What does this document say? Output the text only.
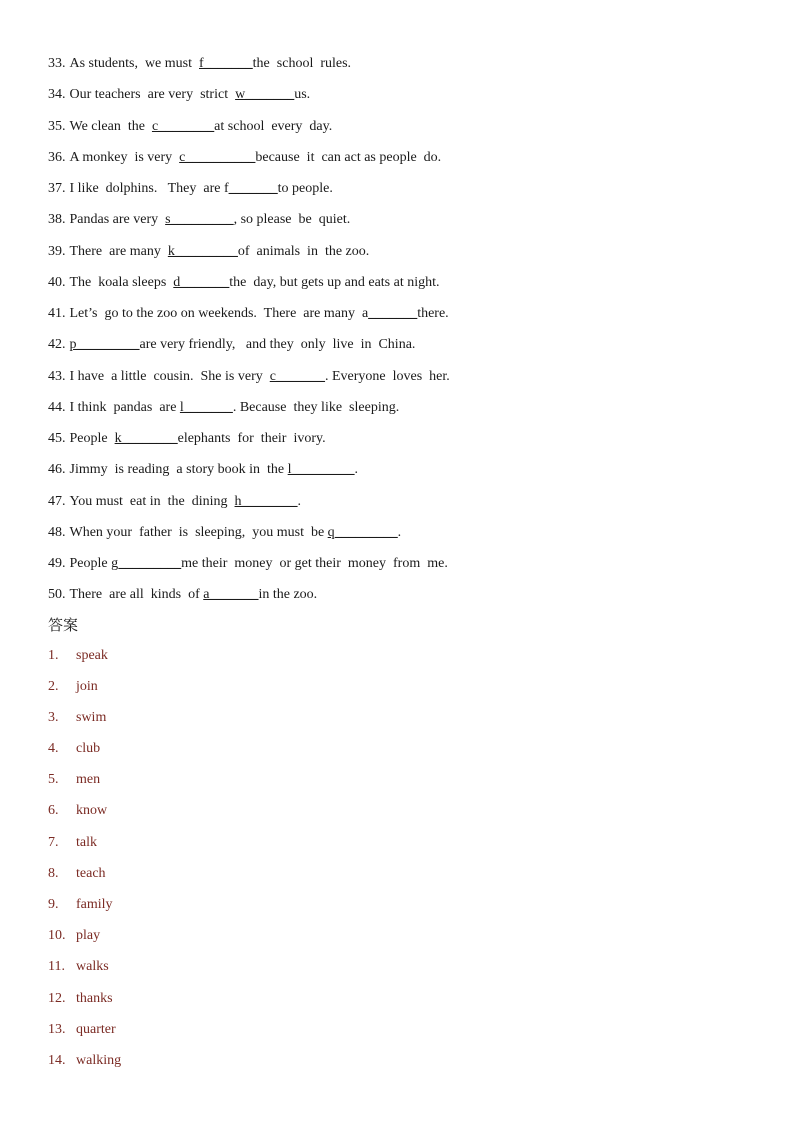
33. As students,  we must  f_______the  school  rules.
34. Our teachers  are very  strict  w_______us.
35. We clean  the  c________at school  every  day.
36. A monkey  is very  c__________because  it  can act as people  do.
37. I like  dolphins.   They  are f_______to people.
38. Pandas are very  s_________, so please  be  quiet.
39. There  are many  k_________of  animals  in  the zoo.
40. The  koala sleeps  d_______the  day, but gets up and eats at night.
41. Let’s  go to the zoo on weekends.  There  are many  a_______there.
42. p_________are very friendly,   and they  only  live  in  China.
43. I have  a little  cousin.  She is very  c_______. Everyone  loves  her.
44. I think  pandas  are l_______. Because  they like  sleeping.
45. People  k________elephants  for  their  ivory.
46. Jimmy  is reading  a story book in  the l_________.
47. You must  eat in  the  dining  h________.
48. When your  father  is  sleeping,  you must  be q_________.
49. People g_________me their  money  or get their  money  from  me.
50. There  are all  kinds  of a_______in the zoo.
答案
1. speak
2. join
3. swim
4. club
5. men
6. know
7. talk
8. teach
9. family
10. play
11. walks
12. thanks
13. quarter
14. walking
